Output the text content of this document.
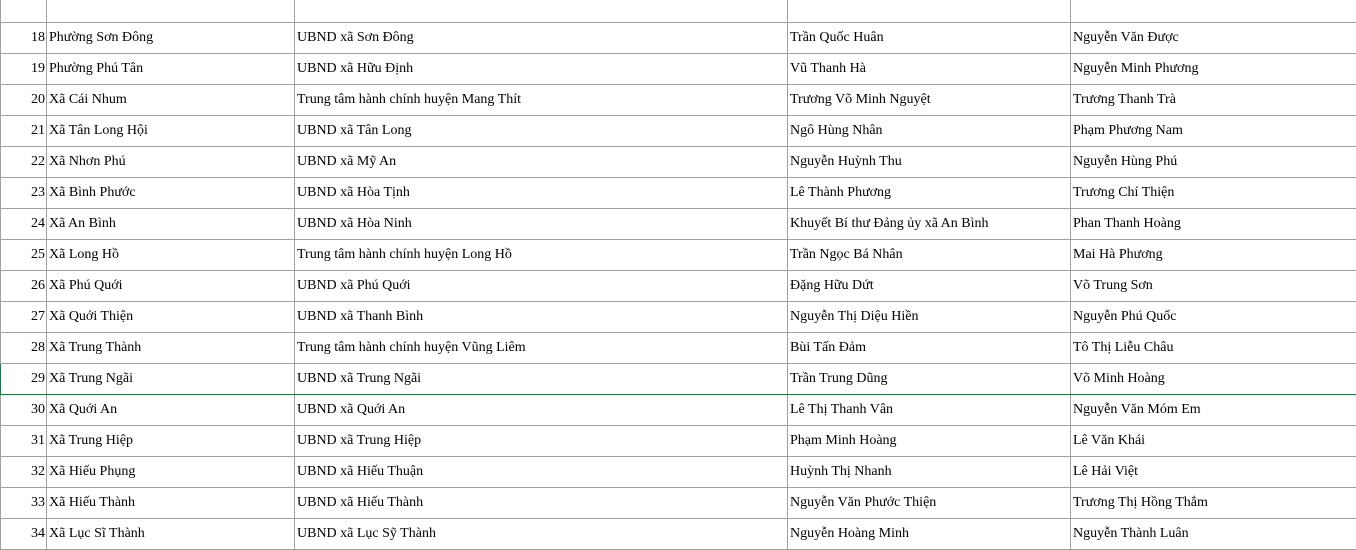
18	Phường Sơn Đông	UBND xã Sơn Đông	Trần Quốc Huân	Nguyễn Văn Được
19	Phường Phú Tân	UBND xã Hữu Định	Vũ Thanh Hà	Nguyễn Minh Phương
20	Xã Cái Nhum	Trung tâm hành chính huyện Mang Thít	Trương Võ Minh Nguyệt	Trương Thanh Trà
21	Xã Tân Long Hội	UBND xã Tân Long	Ngô Hùng Nhân	Phạm Phương Nam
22	Xã Nhơn Phú	UBND xã Mỹ An	Nguyễn Huỳnh Thu	Nguyễn Hùng Phú
23	Xã Bình Phước	UBND xã Hòa Tịnh	Lê Thành Phương	Trương Chí Thiện
24	Xã An Bình	UBND xã Hòa Ninh	Khuyết Bí thư Đảng ủy xã An Bình	Phan Thanh Hoàng
25	Xã Long Hồ	Trung tâm hành chính huyện Long Hồ	Trần Ngọc Bá Nhân	Mai Hà Phương
26	Xã Phú Quới	UBND xã Phú Quới	Đặng Hữu Dứt	Võ Trung Sơn
27	Xã Quới Thiện	UBND xã Thanh Bình	Nguyễn Thị Diệu Hiền	Nguyễn Phú Quốc
28	Xã Trung Thành	Trung tâm hành chính huyện Vũng Liêm	Bùi Tấn Đảm	Tô Thị Liễu Châu
29	Xã Trung Ngãi	UBND xã Trung Ngãi	Trần Trung Dũng	Võ Minh Hoàng
30	Xã Quới An	UBND xã Quới An	Lê Thị Thanh Vân	Nguyễn Văn Móm Em
31	Xã Trung Hiệp	UBND xã Trung Hiệp	Phạm Minh Hoàng	Lê Văn Khái
32	Xã Hiếu Phụng	UBND xã Hiếu Thuận	Huỳnh Thị Nhanh	Lê Hải Việt
33	Xã Hiếu Thành	UBND xã Hiếu Thành	Nguyễn Văn Phước Thiện	Trương Thị Hồng Thắm
34	Xã Lục Sĩ Thành	UBND xã Lục Sỹ Thành	Nguyễn Hoàng Minh	Nguyễn Thành Luân
